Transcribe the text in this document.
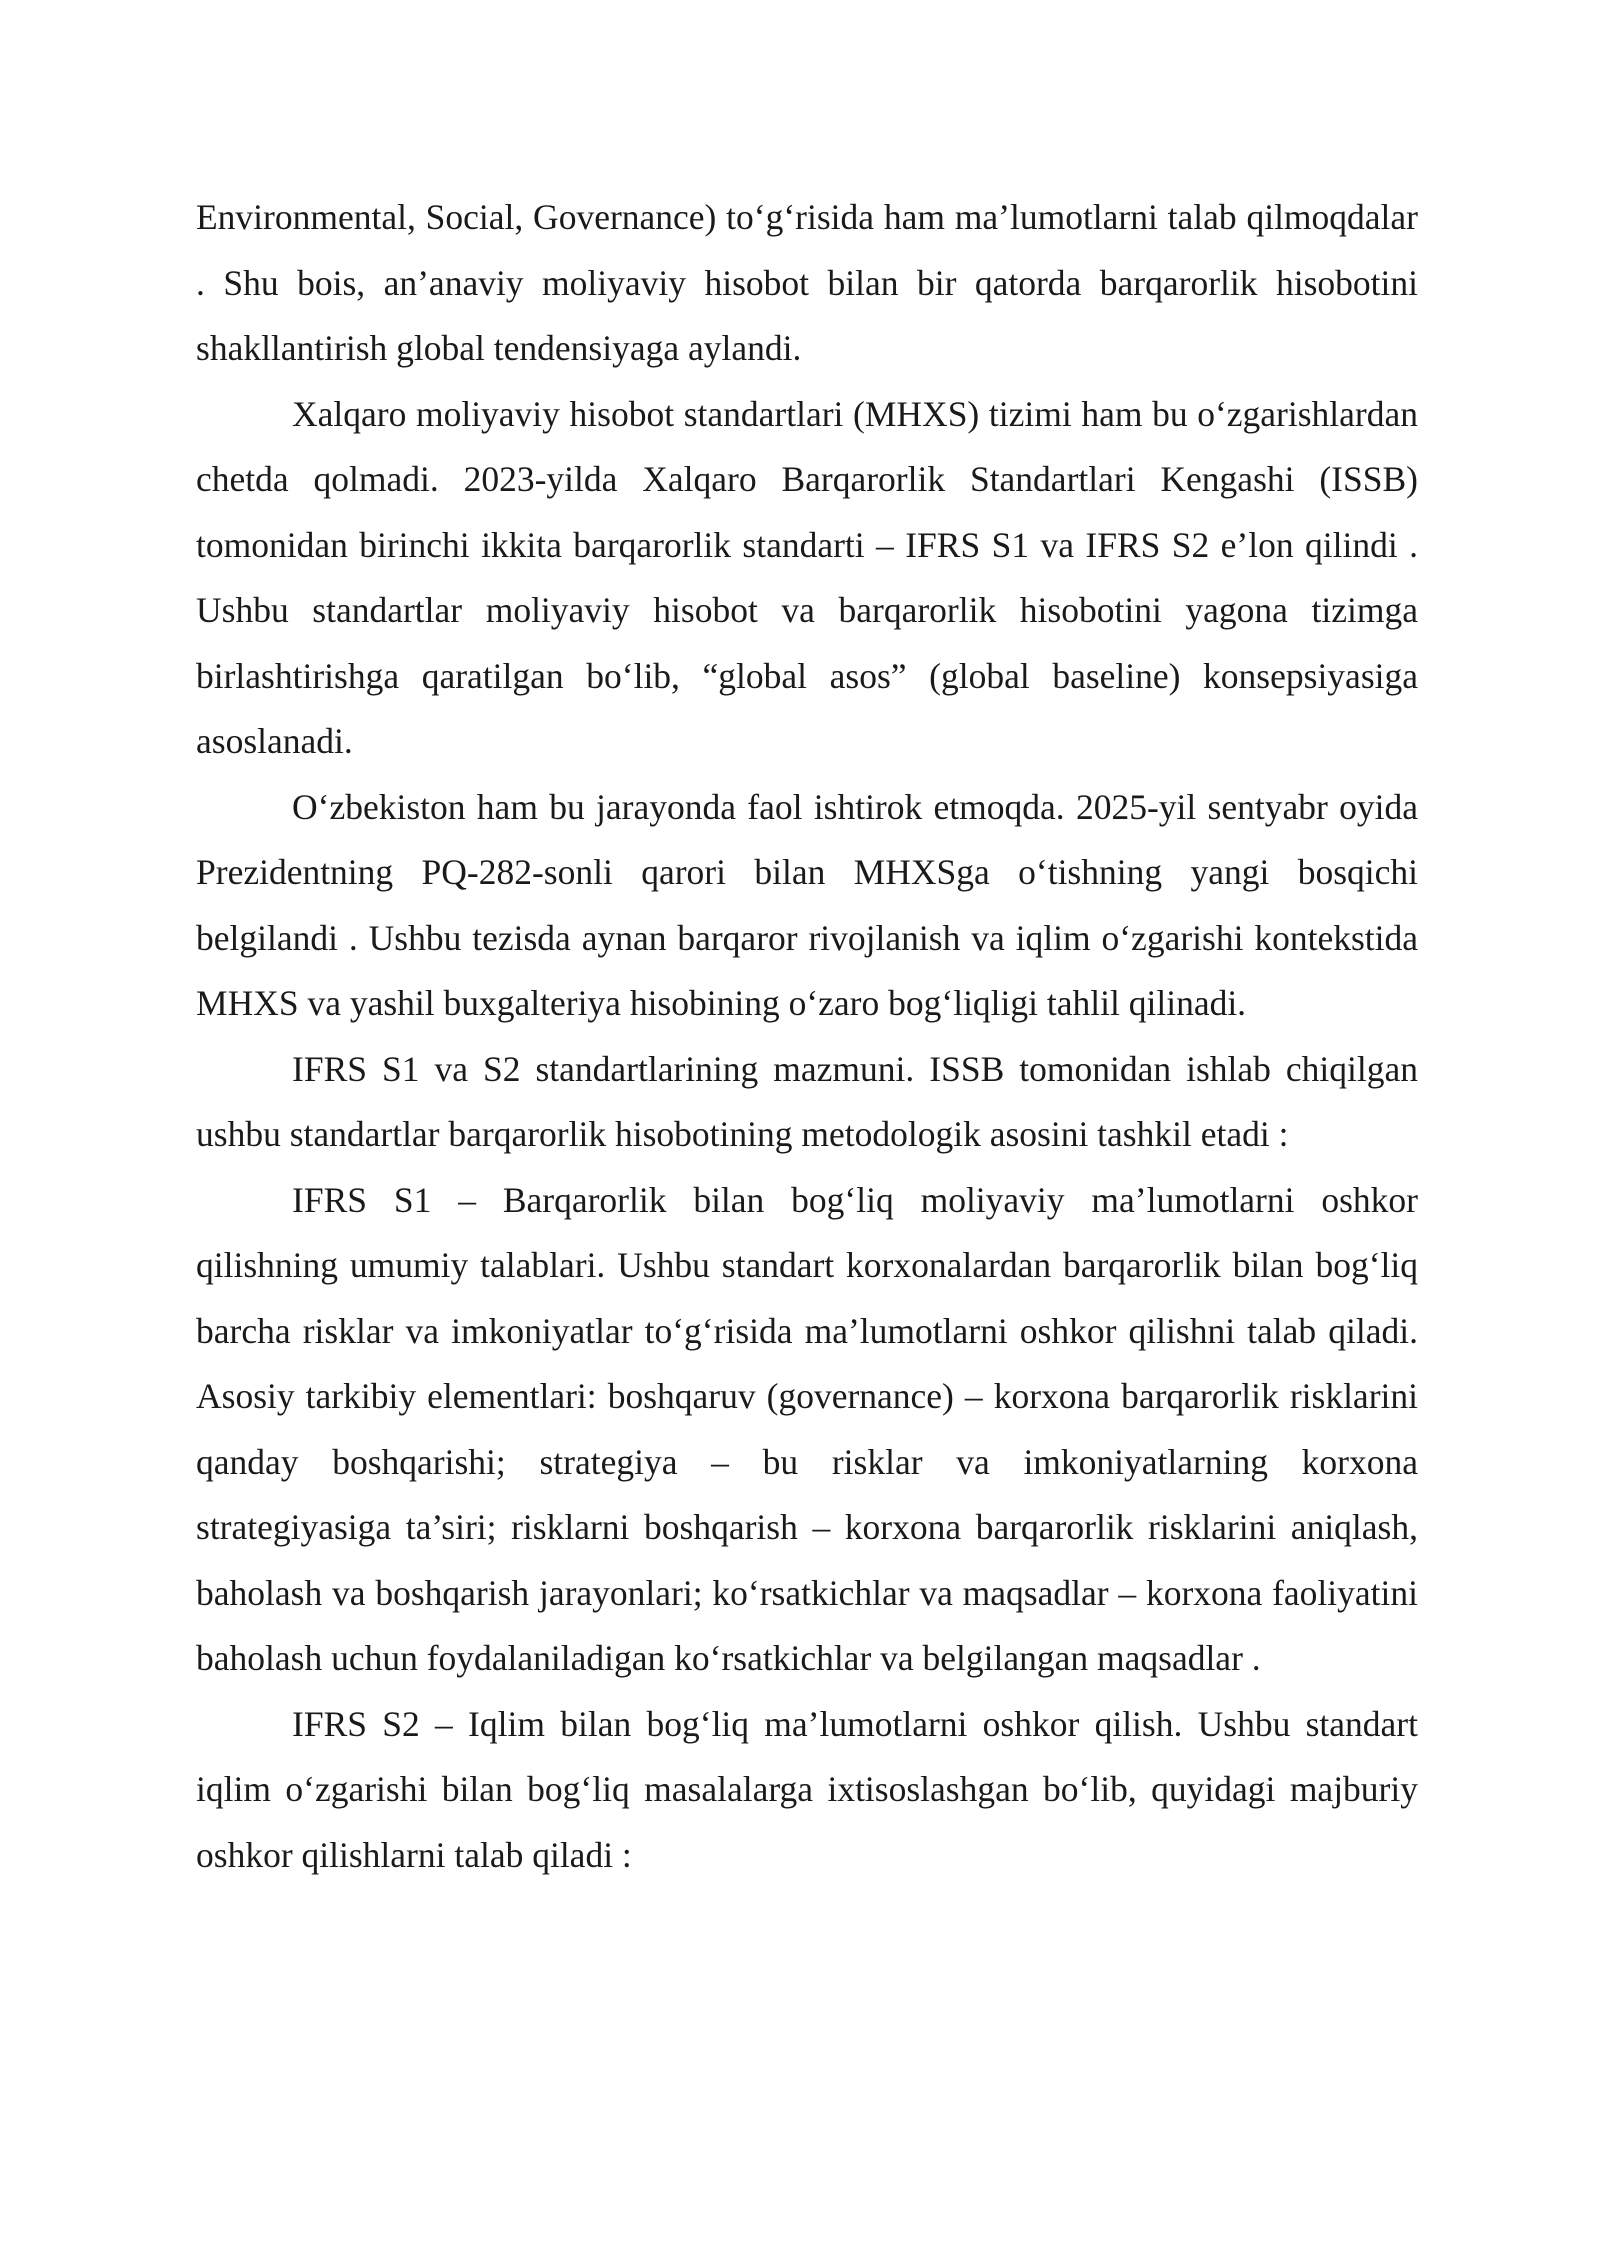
Environmental, Social, Governance) to‘g‘risida ham ma’lumotlarni talab qilmoqdalar . Shu bois, an’anaviy moliyaviy hisobot bilan bir qatorda barqarorlik hisobotini shakllantirish global tendensiyaga aylandi.

Xalqaro moliyaviy hisobot standartlari (MHXS) tizimi ham bu o‘zgarishlardan chetda qolmadi. 2023-yilda Xalqaro Barqarorlik Standartlari Kengashi (ISSB) tomonidan birinchi ikkita barqarorlik standarti – IFRS S1 va IFRS S2 e’lon qilindi . Ushbu standartlar moliyaviy hisobot va barqarorlik hisobotini yagona tizimga birlashtirishga qaratilgan bo‘lib, “global asos” (global baseline) konsepsiyasiga asoslanadi.

O‘zbekiston ham bu jarayonda faol ishtirok etmoqda. 2025-yil sentyabr oyida Prezidentning PQ-282-sonli qarori bilan MHXSga o‘tishning yangi bosqichi belgilandi . Ushbu tezisda aynan barqaror rivojlanish va iqlim o‘zgarishi kontekstida MHXS va yashil buxgalteriya hisobining o‘zaro bog‘liqligi tahlil qilinadi.

IFRS S1 va S2 standartlarining mazmuni. ISSB tomonidan ishlab chiqilgan ushbu standartlar barqarorlik hisobotining metodologik asosini tashkil etadi :

IFRS S1 – Barqarorlik bilan bog‘liq moliyaviy ma’lumotlarni oshkor qilishning umumiy talablari. Ushbu standart korxonalardan barqarorlik bilan bog‘liq barcha risklar va imkoniyatlar to‘g‘risida ma’lumotlarni oshkor qilishni talab qiladi. Asosiy tarkibiy elementlari: boshqaruv (governance) – korxona barqarorlik risklarini qanday boshqarishi; strategiya – bu risklar va imkoniyatlarning korxona strategiyasiga ta’siri; risklarni boshqarish – korxona barqarorlik risklarini aniqlash, baholash va boshqarish jarayonlari; ko‘rsatkichlar va maqsadlar – korxona faoliyatini baholash uchun foydalaniladigan ko‘rsatkichlar va belgilangan maqsadlar .

IFRS S2 – Iqlim bilan bog‘liq ma’lumotlarni oshkor qilish. Ushbu standart iqlim o‘zgarishi bilan bog‘liq masalalarga ixtisoslashgan bo‘lib, quyidagi majburiy oshkor qilishlarni talab qiladi :
